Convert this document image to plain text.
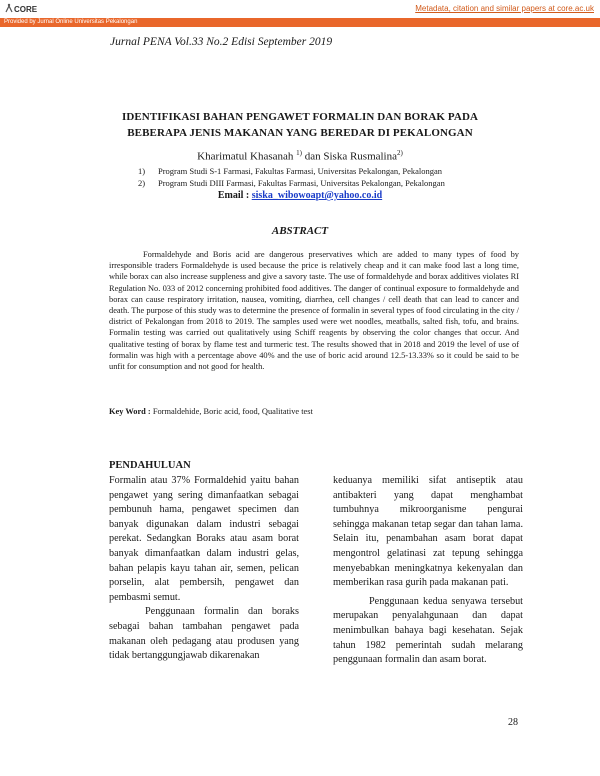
CORE	Metadata, citation and similar papers at core.ac.uk
Provided by Jurnal Online Universitas Pekalongan
Jurnal PENA Vol.33 No.2 Edisi September 2019
IDENTIFIKASI BAHAN PENGAWET FORMALIN DAN BORAK PADA
BEBERAPA JENIS MAKANAN YANG BEREDAR DI PEKALONGAN
Kharimatul Khasanah $^{1)}$ dan Siska Rusmalina$^{2)}$
1) Program Studi S-1 Farmasi, Fakultas Farmasi, Universitas Pekalongan, Pekalongan
2) Program Studi DIII Farmasi, Fakultas Farmasi, Universitas Pekalongan, Pekalongan
Email : siska_wibowoapt@yahoo.co.id
ABSTRACT
Formaldehyde and Boris acid are dangerous preservatives which are added to many types of food by irresponsible traders Formaldehyde is used because the price is relatively cheap and it can make food last a long time, while borax can also increase suppleness and give a savory taste. The use of formaldehyde and borax additives violates RI Regulation No. 033 of 2012 concerning prohibited food additives. The danger of continual exposure to formaldehyde and borax can cause respiratory irritation, nausea, vomiting, diarrhea, cell changes / cell death that can lead to cancer and death. The purpose of this study was to determine the presence of formalin in several types of food circulating in the city / district of Pekalongan from 2018 to 2019. The samples used were wet noodles, meatballs, salted fish, tofu, and brains. Formalin testing was carried out qualitatively using Schiff reagents by observing the color changes that occur. And qualitative testing of borax by flame test and turmeric test. The results showed that in 2018 and 2019 the level of use of formalin was high with a percentage above 40% and the use of boric acid around 12.5-13.33% so it could be said to be unfit for consumption and not good for health.
Key Word : Formaldehide, Boric acid, food, Qualitative test
PENDAHULUAN

Formalin atau 37% Formaldehid yaitu bahan pengawet yang sering dimanfaatkan sebagai pembunuh hama, pengawet specimen dan banyak digunakan dalam industri sebagai perekat. Sedangkan Boraks atau asam borat banyak dimanfaatkan dalam industri gelas, bahan pelapis kayu tahan air, semen, pelican porselin, alat pembersih, pengawet dan pembasmi semut.

Penggunaan formalin dan boraks sebagai bahan tambahan pengawet pada makanan oleh pedagang atau produsen yang tidak bertanggungjawab dikarenakan

keduanya memiliki sifat antiseptik atau antibakteri yang dapat menghambat tumbuhnya mikroorganisme pengurai sehingga makanan tetap segar dan tahan lama. Selain itu, penambahan asam borat dapat mengontrol gelatinasi zat tepung sehingga menyebabkan meningkatnya kekenyalan dan memberikan rasa gurih pada makanan pati.

Penggunaan kedua senyawa tersebut merupakan penyalahgunaan dan dapat menimbulkan bahaya bagi kesehatan. Sejak tahun 1982 pemerintah sudah melarang penggunaan formalin dan asam borat.

28
